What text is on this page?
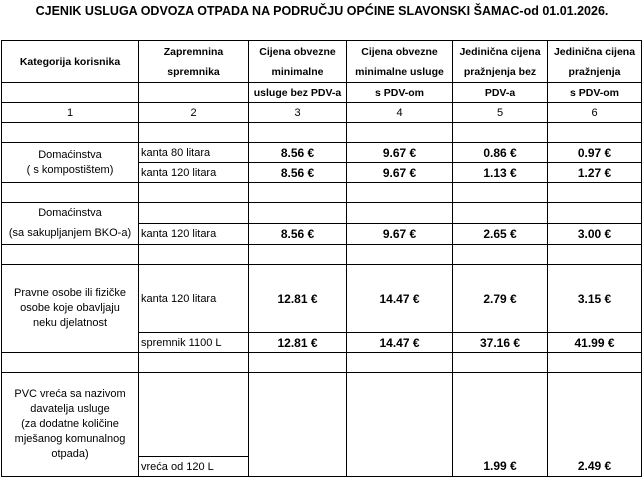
CJENIK USLUGA ODVOZA OTPADA NA PODRUČJU OPĆINE SLAVONSKI ŠAMAC-od 01.01.2026.
Kategorija korisnika	Zapremnina	Cijena obvezne	Cijena obvezne	Jedinična cijena	Jedinična cijena
	spremnika	minimalne	minimalne usluge	pražnjenja bez	pražnjenja
		usluge bez PDV-a	s PDV-om	PDV-a	s PDV-om
1	2	3	4	5	6

Domaćinstva
( s kompostištem)	kanta 80 litara	8.56 €	9.67 €	0.86 €	0.97 €
	kanta 120 litara	8.56 €	9.67 €	1.13 €	1.27 €

Domaćinstva					

(sa sakupljanjem BKO-a)	kanta 120 litara	8.56 €	9.67 €	2.65 €	3.00 €

Pravne osobe ili fizičke
osobe koje obavljaju
neku djelatnost	kanta 120 litara	12.81 €	14.47 €	2.79 €	3.15 €
	spremnik 1100 L	12.81 €	14.47 €	37.16 €	41.99 €

PVC vreća sa nazivom
davatelja usluge
(za dodatne količine
mješanog komunalnog
otpada)					

	vreća od 120 L			1.99 €	2.49 €
